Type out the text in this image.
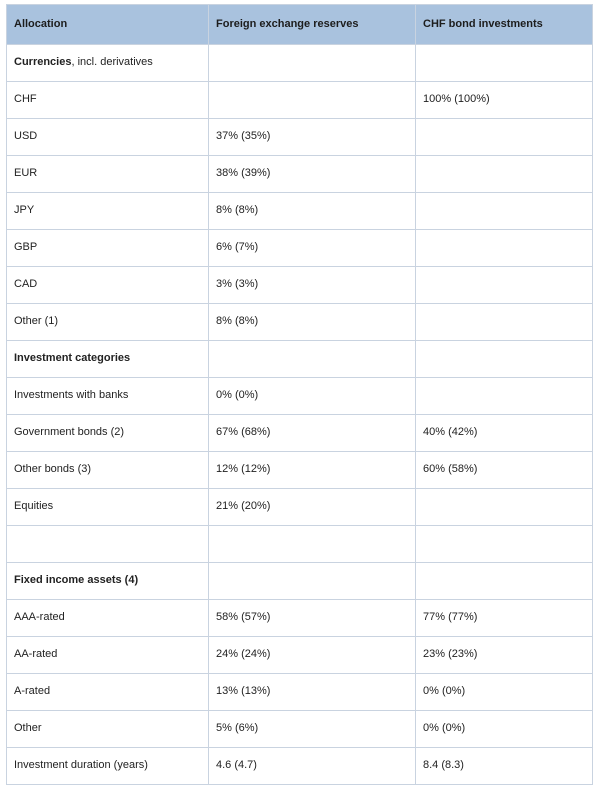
Allocation	Foreign exchange reserves	CHF bond investments
Currencies, incl. derivatives		
CHF		100% (100%)
USD	37% (35%)	
EUR	38% (39%)	
JPY	8% (8%)	
GBP	6% (7%)	
CAD	3% (3%)	
Other (1)	8% (8%)	
Investment categories		
Investments with banks	0% (0%)	
Government bonds (2)	67% (68%)	40% (42%)
Other bonds (3)	12% (12%)	60% (58%)
Equities	21% (20%)	

Fixed income assets (4)		
AAA-rated	58% (57%)	77% (77%)
AA-rated	24% (24%)	23% (23%)
A-rated	13% (13%)	0% (0%)
Other	5% (6%)	0% (0%)
Investment duration (years)	4.6 (4.7)	8.4 (8.3)
